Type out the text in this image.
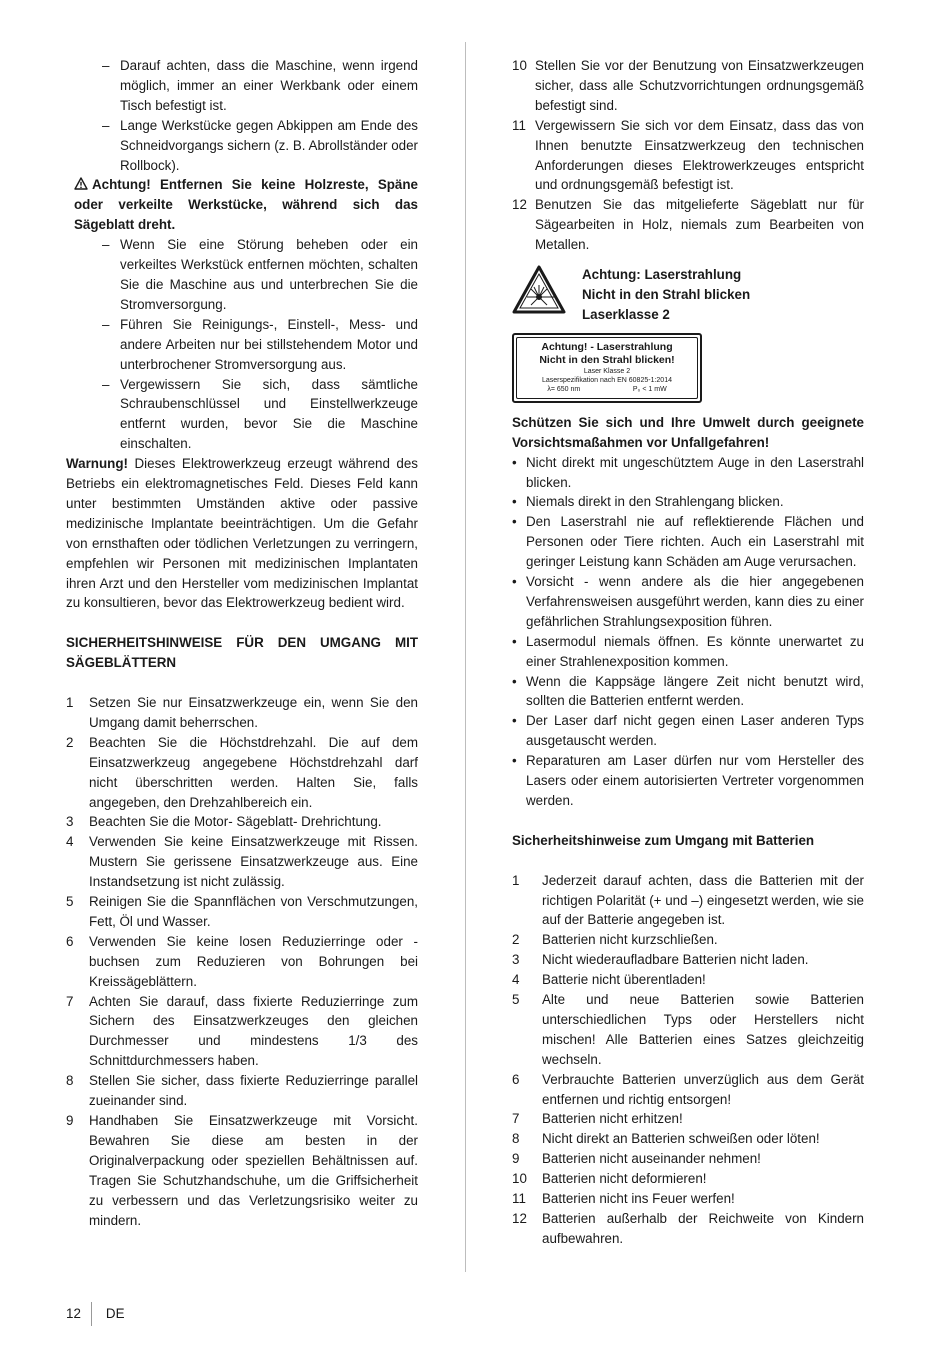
– Darauf achten, dass die Maschine, wenn irgend möglich, immer an einer Werkbank oder einem Tisch befestigt ist.
– Lange Werkstücke gegen Abkippen am Ende des Schneidvorgangs sichern (z. B. Abrollständer oder Rollbock).

Achtung! Entfernen Sie keine Holzreste, Späne oder verkeilte Werkstücke, während sich das Sägeblatt dreht.

– Wenn Sie eine Störung beheben oder ein verkeiltes Werkstück entfernen möchten, schalten Sie die Maschine aus und unterbrechen Sie die Stromversorgung.
– Führen Sie Reinigungs-, Einstell-, Mess- und andere Arbeiten nur bei stillstehendem Motor und unterbrochener Stromversorgung aus.
– Vergewissern Sie sich, dass sämtliche Schraubenschlüssel und Einstellwerkzeuge entfernt wurden, bevor Sie die Maschine einschalten.

Warnung! Dieses Elektrowerkzeug erzeugt während des Betriebs ein elektromagnetisches Feld. Dieses Feld kann unter bestimmten Umständen aktive oder passive medizinische Implantate beeinträchtigen. Um die Gefahr von ernsthaften oder tödlichen Verletzungen zu verringern, empfehlen wir Personen mit medizinischen Implantaten ihren Arzt und den Hersteller vom medizinischen Implantat zu konsultieren, bevor das Elektrowerkzeug bedient wird.

SICHERHEITSHINWEISE FÜR DEN UMGANG MIT SÄGEBLÄTTERN

1	Setzen Sie nur Einsatzwerkzeuge ein, wenn Sie den Umgang damit beherrschen.
2	Beachten Sie die Höchstdrehzahl. Die auf dem Einsatzwerkzeug angegebene Höchstdrehzahl darf nicht überschritten werden. Halten Sie, falls angegeben, den Drehzahlbereich ein.
3	Beachten Sie die Motor- Sägeblatt- Drehrichtung.
4	Verwenden Sie keine Einsatzwerkzeuge mit Rissen. Mustern Sie gerissene Einsatzwerkzeuge aus. Eine Instandsetzung ist nicht zulässig.
5	Reinigen Sie die Spannflächen von Verschmutzungen, Fett, Öl und Wasser.
6	Verwenden Sie keine losen Reduzierringe oder -buchsen zum Reduzieren von Bohrungen bei Kreissägeblättern.
7	Achten Sie darauf, dass fixierte Reduzierringe zum Sichern des Einsatzwerkzeuges den gleichen Durchmesser und mindestens 1/3 des Schnittdurchmessers haben.
8	Stellen Sie sicher, dass fixierte Reduzierringe parallel zueinander sind.
9	Handhaben Sie Einsatzwerkzeuge mit Vorsicht. Bewahren Sie diese am besten in der Originalverpackung oder speziellen Behältnissen auf. Tragen Sie Schutzhandschuhe, um die Griffsicherheit zu verbessern und das Verletzungsrisiko weiter zu mindern.
10 Stellen Sie vor der Benutzung von Einsatzwerkzeugen sicher, dass alle Schutzvorrichtungen ordnungsgemäß befestigt sind.
11 Vergewissern Sie sich vor dem Einsatz, dass das von Ihnen benutzte Einsatzwerkzeug den technischen Anforderungen dieses Elektrowerkzeuges entspricht und ordnungsgemäß befestigt ist.
12 Benutzen Sie das mitgelieferte Sägeblatt nur für Sägearbeiten in Holz, niemals zum Bearbeiten von Metallen.
Achtung: Laserstrahlung
Nicht in den Strahl blicken
Laserklasse 2
Achtung! - Laserstrahlung
Nicht in den Strahl blicken!
Laser Klasse 2
Laserspezifikation nach EN 60825-1:2014
λ= 650 nm	P₀ < 1 mW

Schützen Sie sich und Ihre Umwelt durch geeignete Vorsichtsmaßahmen vor Unfallgefahren!

• Nicht direkt mit ungeschütztem Auge in den Laserstrahl blicken.
• Niemals direkt in den Strahlengang blicken.
• Den Laserstrahl nie auf reflektierende Flächen und Personen oder Tiere richten. Auch ein Laserstrahl mit geringer Leistung kann Schäden am Auge verursachen.
• Vorsicht - wenn andere als die hier angegebenen Verfahrensweisen ausgeführt werden, kann dies zu einer gefährlichen Strahlungsexposition führen.
• Lasermodul niemals öffnen. Es könnte unerwartet zu einer Strahlenexposition kommen.
• Wenn die Kappsäge längere Zeit nicht benutzt wird, sollten die Batterien entfernt werden.
• Der Laser darf nicht gegen einen Laser anderen Typs ausgetauscht werden.
• Reparaturen am Laser dürfen nur vom Hersteller des Lasers oder einem autorisierten Vertreter vorgenommen werden.

Sicherheitshinweise zum Umgang mit Batterien

1	Jederzeit darauf achten, dass die Batterien mit der richtigen Polarität (+ und –) eingesetzt werden, wie sie auf der Batterie angegeben ist.
2	Batterien nicht kurzschließen.
3	Nicht wiederaufladbare Batterien nicht laden.
4	Batterie nicht überentladen!
5	Alte und neue Batterien sowie Batterien unterschiedlichen Typs oder Herstellers nicht mischen! Alle Batterien eines Satzes gleichzeitig wechseln.
6	Verbrauchte Batterien unverzüglich aus dem Gerät entfernen und richtig entsorgen!
7	Batterien nicht erhitzen!
8	Nicht direkt an Batterien schweißen oder löten!
9	Batterien nicht auseinander nehmen!
10	Batterien nicht deformieren!
11	Batterien nicht ins Feuer werfen!
12	Batterien außerhalb der Reichweite von Kindern aufbewahren.
12	DE
